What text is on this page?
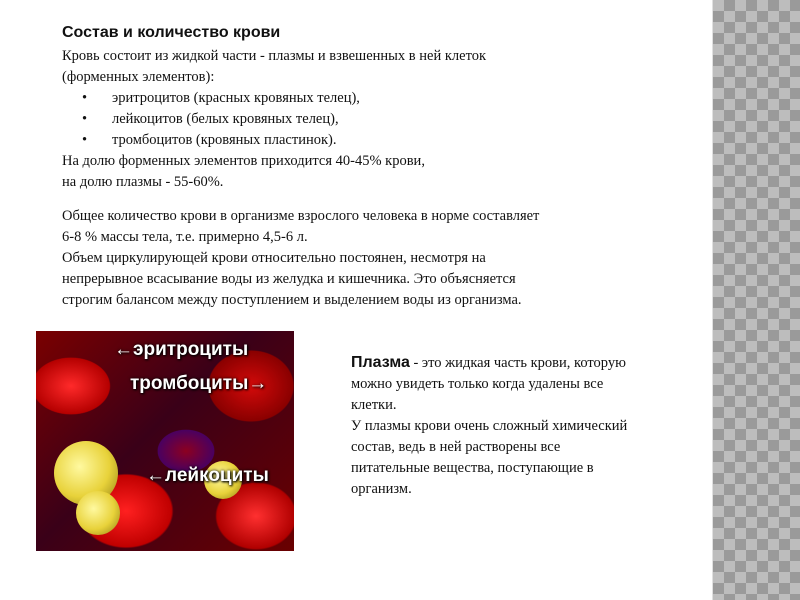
Состав и количество крови
Кровь состоит из жидкой части - плазмы и взвешенных в ней клеток
(форменных элементов):
• эритроцитов (красных кровяных телец),
• лейкоцитов (белых кровяных телец),
• тромбоцитов (кровяных пластинок).
На долю форменных элементов приходится 40-45% крови,
на долю плазмы - 55-60%.
Общее количество крови в организме взрослого человека в норме составляет
6-8 % массы тела, т.е. примерно 4,5-6 л.
Объем циркулирующей крови относительно постоянен, несмотря на
непрерывное всасывание воды из желудка и кишечника. Это объясняется
строгим балансом между поступлением и выделением воды из организма.
←эритроциты
тромбоциты→
←лейкоциты
Плазма - это жидкая часть крови, которую
можно увидеть только когда удалены все
клетки.
У плазмы крови очень сложный химический
состав, ведь в ней растворены все
питательные вещества, поступающие в
организм.
